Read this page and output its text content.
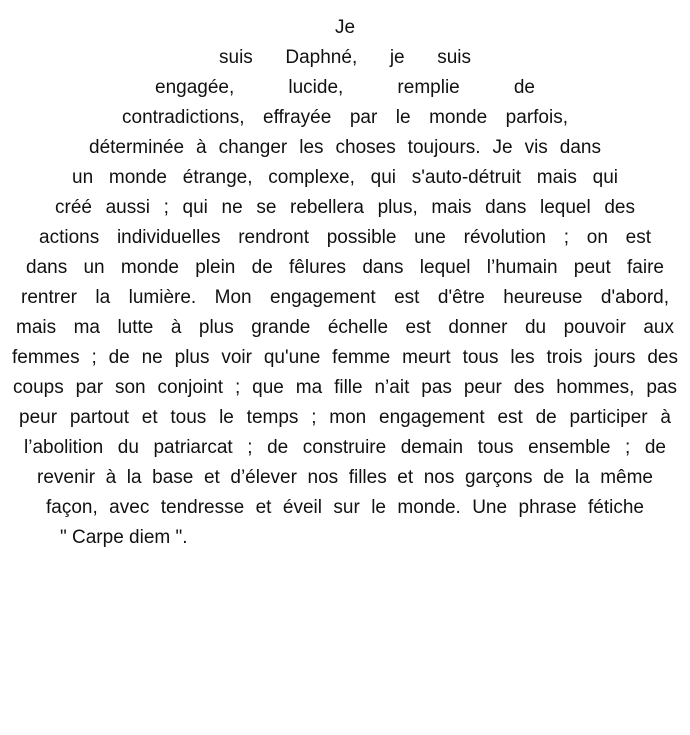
Je
suis Daphné, je suis
engagée, lucide, remplie de
contradictions, effrayée par le monde parfois,
déterminée à changer les choses toujours. Je vis dans
un monde étrange, complexe, qui s'auto-détruit mais qui
créé aussi ; qui ne se rebellera plus, mais dans lequel des
actions individuelles rendront possible une révolution ; on est
dans un monde plein de fêlures dans lequel l’humain peut faire
rentrer la lumière. Mon engagement est d'être heureuse d'abord,
mais ma lutte à plus grande échelle est donner du pouvoir aux
femmes ; de ne plus voir qu'une femme meurt tous les trois jours des
coups par son conjoint ; que ma fille n’ait pas peur des hommes, pas
peur partout et tous le temps ; mon engagement est de participer à
l’abolition du patriarcat ; de construire demain tous ensemble ; de
revenir à la base et d’élever nos filles et nos garçons de la même
façon, avec tendresse et éveil sur le monde. Une phrase fétiche
" Carpe diem ".
